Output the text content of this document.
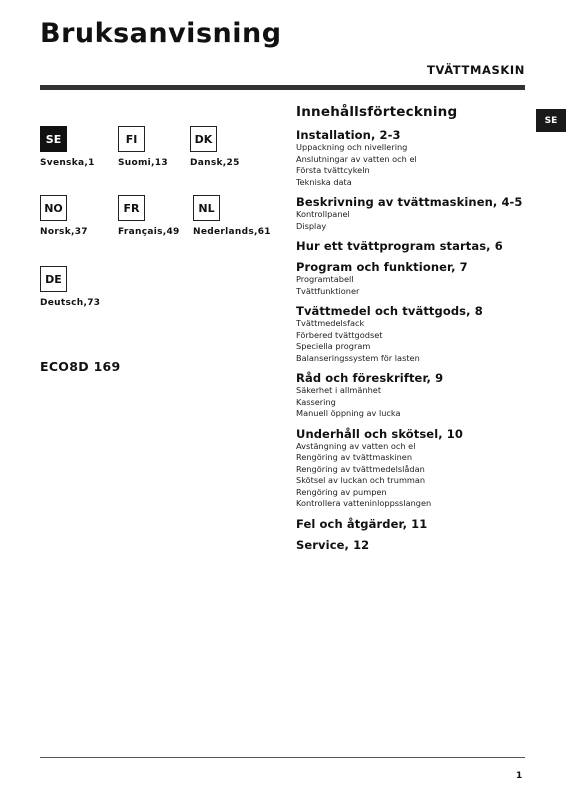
Bruksanvisning
TVÄTTMASKIN
SE
SE
Svenska,1
FI
Suomi,13
DK
Dansk,25
NO
Norsk,37
FR
Français,49
NL
Nederlands,61
DE
Deutsch,73
ECO8D 169
Innehållsförteckning
Installation, 2-3
Uppackning och nivellering
Anslutningar av vatten och el
Första tvättcykeln
Tekniska data
Beskrivning av tvättmaskinen, 4-5
Kontrollpanel
Display
Hur ett tvättprogram startas, 6
Program och funktioner, 7
Programtabell
Tvättfunktioner
Tvättmedel och tvättgods, 8
Tvättmedelsfack
Förbered tvättgodset
Speciella program
Balanseringssystem för lasten
Råd och föreskrifter, 9
Säkerhet i allmänhet
Kassering
Manuell öppning av lucka
Underhåll och skötsel, 10
Avstängning av vatten och el
Rengöring av tvättmaskinen
Rengöring av tvättmedelslådan
Skötsel av luckan och trumman
Rengöring av pumpen
Kontrollera vatteninloppsslangen
Fel och åtgärder, 11
Service, 12
1
